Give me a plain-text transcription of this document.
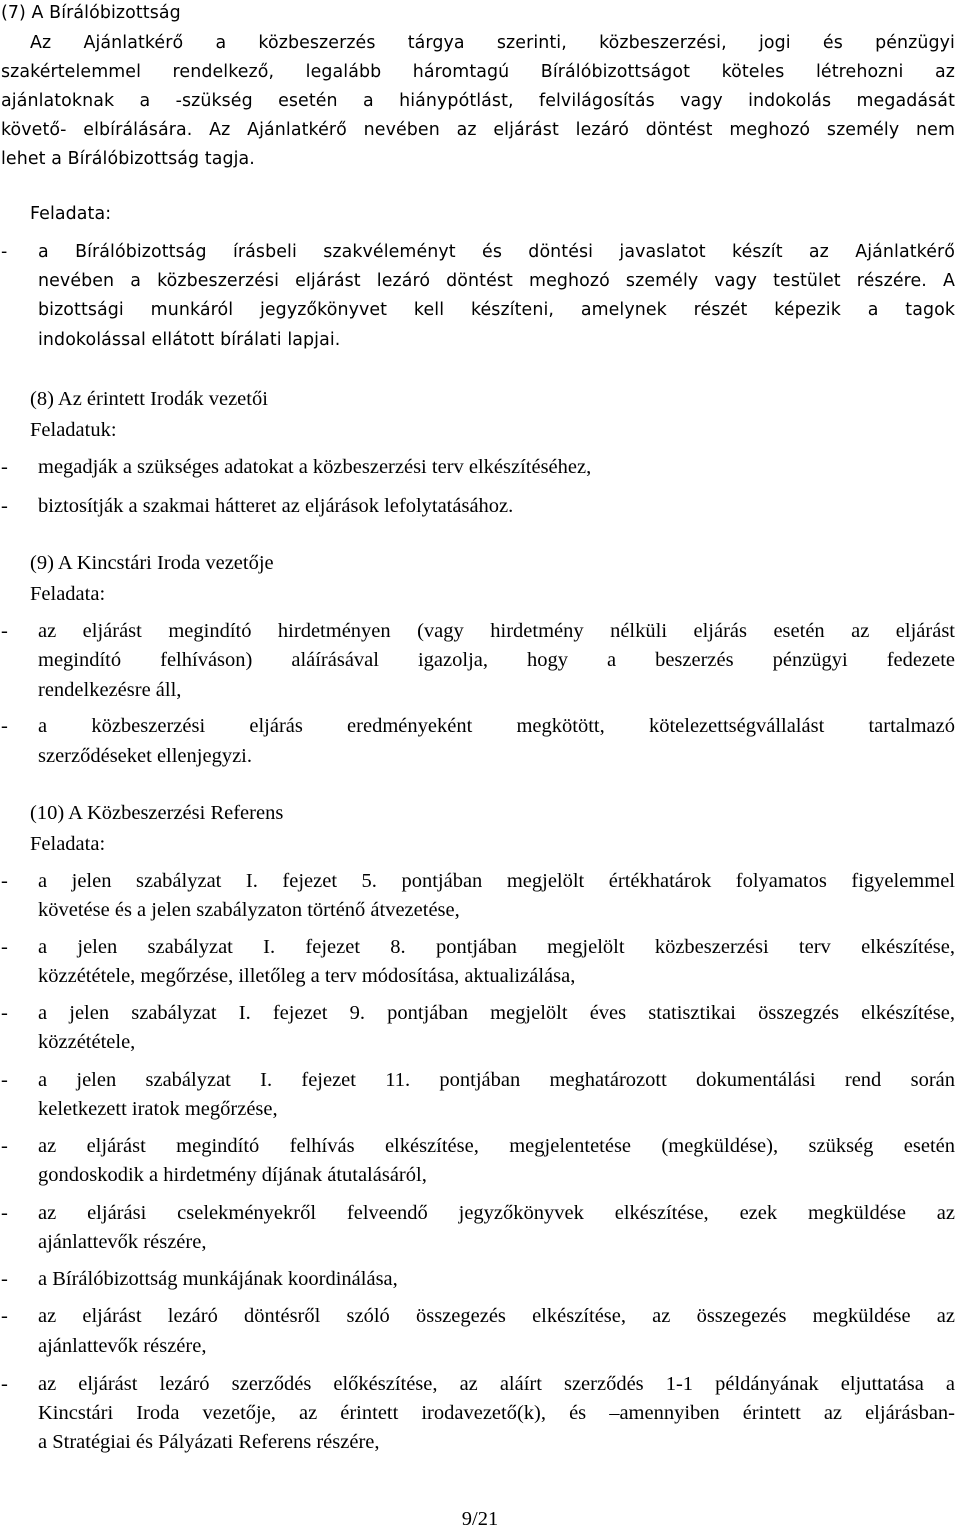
(7) A Bírálóbizottság
Az Ajánlatkérő a közbeszerzés tárgya szerinti, közbeszerzési, jogi és pénzügyi
szakértelemmel rendelkező, legalább háromtagú Bírálóbizottságot köteles létrehozni az
ajánlatoknak a -szükség esetén a hiánypótlást, felvilágosítás vagy indokolás megadását
követő- elbírálására. Az Ajánlatkérő nevében az eljárást lezáró döntést meghozó személy nem
lehet a Bírálóbizottság tagja.
Feladata:
- a Bírálóbizottság írásbeli szakvéleményt és döntési javaslatot készít az Ajánlatkérő
nevében a közbeszerzési eljárást lezáró döntést meghozó személy vagy testület részére. A
bizottsági munkáról jegyzőkönyvet kell készíteni, amelynek részét képezik a tagok
indokolással ellátott bírálati lapjai.
(8) Az érintett Irodák vezetői
Feladatuk:
- megadják a szükséges adatokat a közbeszerzési terv elkészítéséhez,
- biztosítják a szakmai hátteret az eljárások lefolytatásához.
(9) A Kincstári Iroda vezetője
Feladata:
- az eljárást megindító hirdetményen (vagy hirdetmény nélküli eljárás esetén az eljárást
megindító felhíváson) aláírásával igazolja, hogy a beszerzés pénzügyi fedezete
rendelkezésre áll,
- a közbeszerzési eljárás eredményeként megkötött, kötelezettségvállalást tartalmazó
szerződéseket ellenjegyzi.
(10) A Közbeszerzési Referens
Feladata:
- a jelen szabályzat I. fejezet 5. pontjában megjelölt értékhatárok folyamatos figyelemmel
követése és a jelen szabályzaton történő átvezetése,
- a jelen szabályzat I. fejezet 8. pontjában megjelölt közbeszerzési terv elkészítése,
közzététele, megőrzése, illetőleg a terv módosítása, aktualizálása,
- a jelen szabályzat I. fejezet 9. pontjában megjelölt éves statisztikai összegzés elkészítése,
közzététele,
- a jelen szabályzat I. fejezet 11. pontjában meghatározott dokumentálási rend során
keletkezett iratok megőrzése,
- az eljárást megindító felhívás elkészítése, megjelentetése (megküldése), szükség esetén
gondoskodik a hirdetmény díjának átutalásáról,
- az eljárási cselekményekről felveendő jegyzőkönyvek elkészítése, ezek megküldése az
ajánlattevők részére,
- a Bírálóbizottság munkájának koordinálása,
- az eljárást lezáró döntésről szóló összegezés elkészítése, az összegezés megküldése az
ajánlattevők részére,
- az eljárást lezáró szerződés előkészítése, az aláírt szerződés 1-1 példányának eljuttatása a
Kincstári Iroda vezetője, az érintett irodavezető(k), és –amennyiben érintett az eljárásban-
a Stratégiai és Pályázati Referens részére,
9/21
